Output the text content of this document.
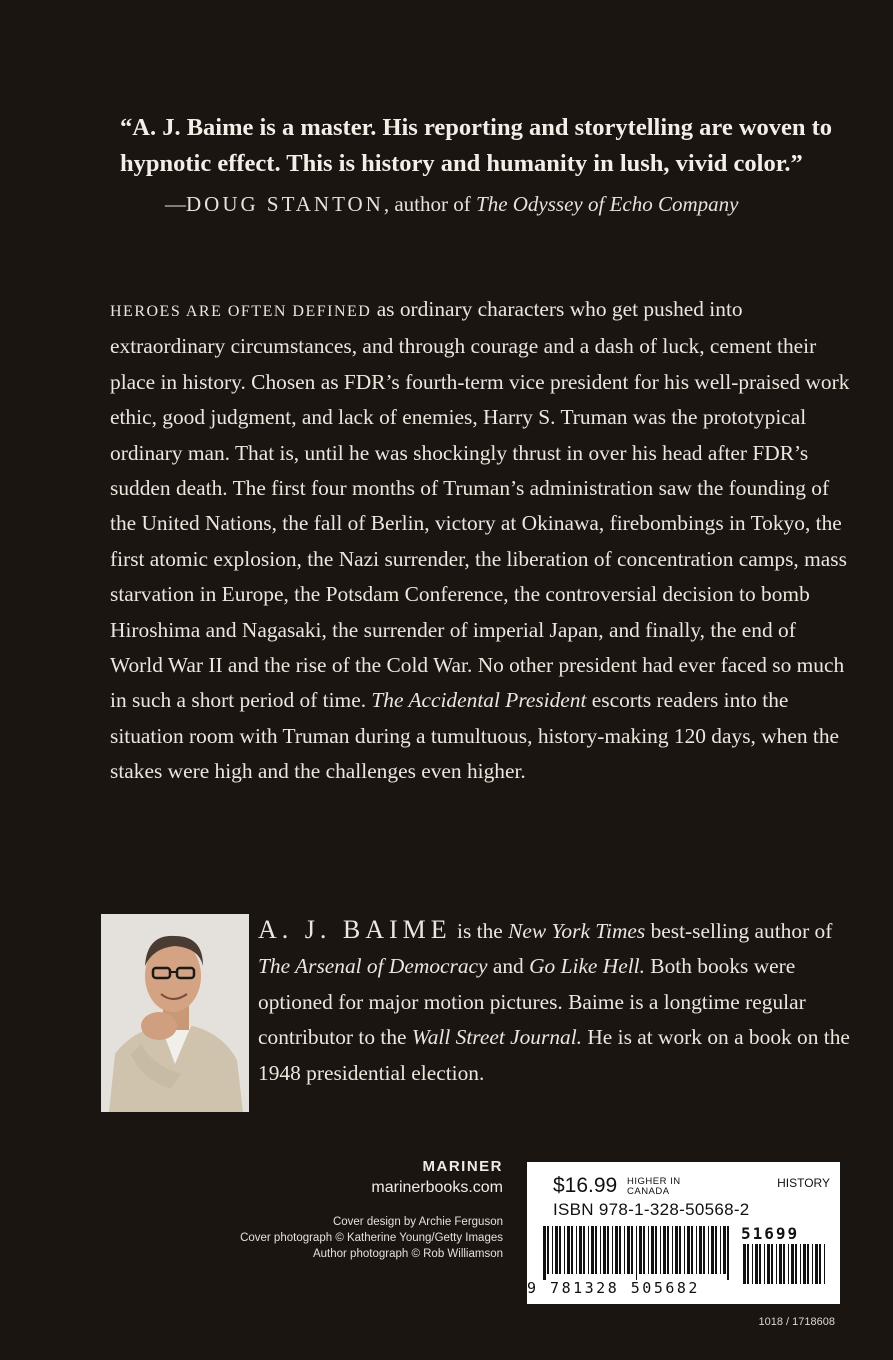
“A. J. Baime is a master. His reporting and storytelling are woven to hypnotic effect. This is history and humanity in lush, vivid color.”
—DOUG STANTON, author of The Odyssey of Echo Company
HEROES ARE OFTEN DEFINED as ordinary characters who get pushed into extraordinary circumstances, and through courage and a dash of luck, cement their place in history. Chosen as FDR’s fourth-term vice president for his well-praised work ethic, good judgment, and lack of enemies, Harry S. Truman was the prototypical ordinary man. That is, until he was shockingly thrust in over his head after FDR’s sudden death. The first four months of Truman’s administration saw the founding of the United Nations, the fall of Berlin, victory at Okinawa, firebombings in Tokyo, the first atomic explosion, the Nazi surrender, the liberation of concentration camps, mass starvation in Europe, the Potsdam Conference, the controversial decision to bomb Hiroshima and Nagasaki, the surrender of imperial Japan, and finally, the end of World War II and the rise of the Cold War. No other president had ever faced so much in such a short period of time. The Accidental President escorts readers into the situation room with Truman during a tumultuous, history-making 120 days, when the stakes were high and the challenges even higher.
A. J. BAIME is the New York Times best-selling author of The Arsenal of Democracy and Go Like Hell. Both books were optioned for major motion pictures. Baime is a longtime regular contributor to the Wall Street Journal. He is at work on a book on the 1948 presidential election.
MARINER
marinerbooks.com
Cover design by Archie Ferguson
Cover photograph © Katherine Young/Getty Images
Author photograph © Rob Williamson
$16.99 HIGHER IN CANADA
HISTORY
ISBN 978-1-328-50568-2
9 781328 505682
51699
1018 / 1718608
